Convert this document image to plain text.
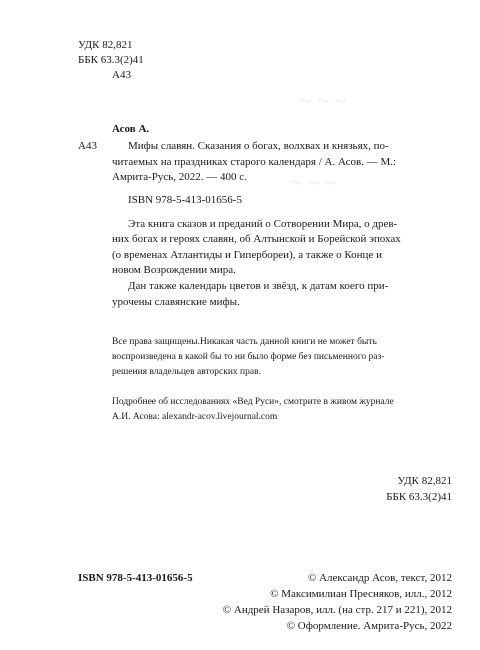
~ ~ ~
~ ~ ~
УДК 82,821
ББК 63.3(2)41
А43
А43
Асов А.
Мифы славян. Сказания о богах, волхвах и князьях, по-
читаемых на праздниках старого календаря / А. Асов. — М.:
Амрита-Русь, 2022. — 400 с.
ISBN 978-5-413-01656-5
Эта книга сказов и преданий о Сотворении Мира, о древ-
них богах и героях славян, об Алтынской и Борейской эпохах
(о временах Атлантиды и Гипербореи), а также о Конце и
новом Возрождении мира.
Дан также календарь цветов и звёзд, к датам коего при-
урочены славянские мифы.
Все права защищены.Никакая часть данной книги не может быть
воспроизведена в какой бы то ни было форме без письменного раз-
решения владельцев авторских прав.
Подробнее об исследованиях «Вед Руси», смотрите в живом журнале
А.И. Асова: alexandr-acov.livejournal.com
УДК 82,821
ББК 63.3(2)41
ISBN 978-5-413-01656-5	© Александр Асов, текст, 2012
© Максимилиан Пресняков, илл., 2012
© Андрей Назаров, илл. (на стр. 217 и 221), 2012
© Оформление. Амрита-Русь, 2022
